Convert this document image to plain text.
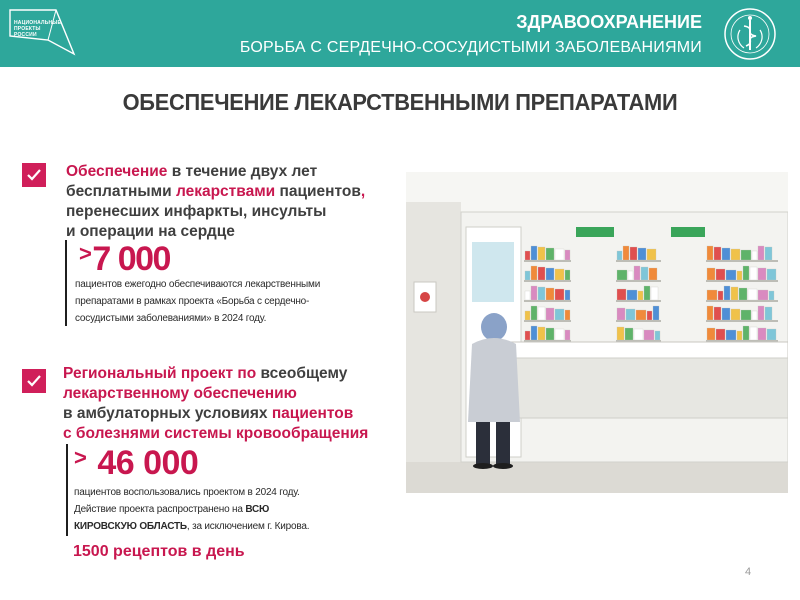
НАЦИОНАЛЬНЫЕ
ПРОЕКТЫ
РОССИИ
ЗДРАВООХРАНЕНИЕ
БОРЬБА С СЕРДЕЧНО-СОСУДИСТЫМИ ЗАБОЛЕВАНИЯМИ
ОБЕСПЕЧЕНИЕ ЛЕКАРСТВЕННЫМИ ПРЕПАРАТАМИ
Обеспечение в течение двух лет
бесплатными лекарствами пациентов,
перенесших инфаркты, инсульты
и операции на сердце
>7 000
пациентов ежегодно обеспечиваются лекарственными
препаратами в рамках проекта «Борьба с сердечно-
сосудистыми заболеваниями» в 2024 году.
Региональный проект по всеобщему
лекарственному обеспечению
в амбулаторных условиях пациентов
с болезнями системы кровообращения
> 46 000
пациентов воспользовались проектом в 2024 году.
Действие проекта распространено на ВСЮ
КИРОВСКУЮ ОБЛАСТЬ, за исключением г. Кирова.
1500 рецептов в день
4
